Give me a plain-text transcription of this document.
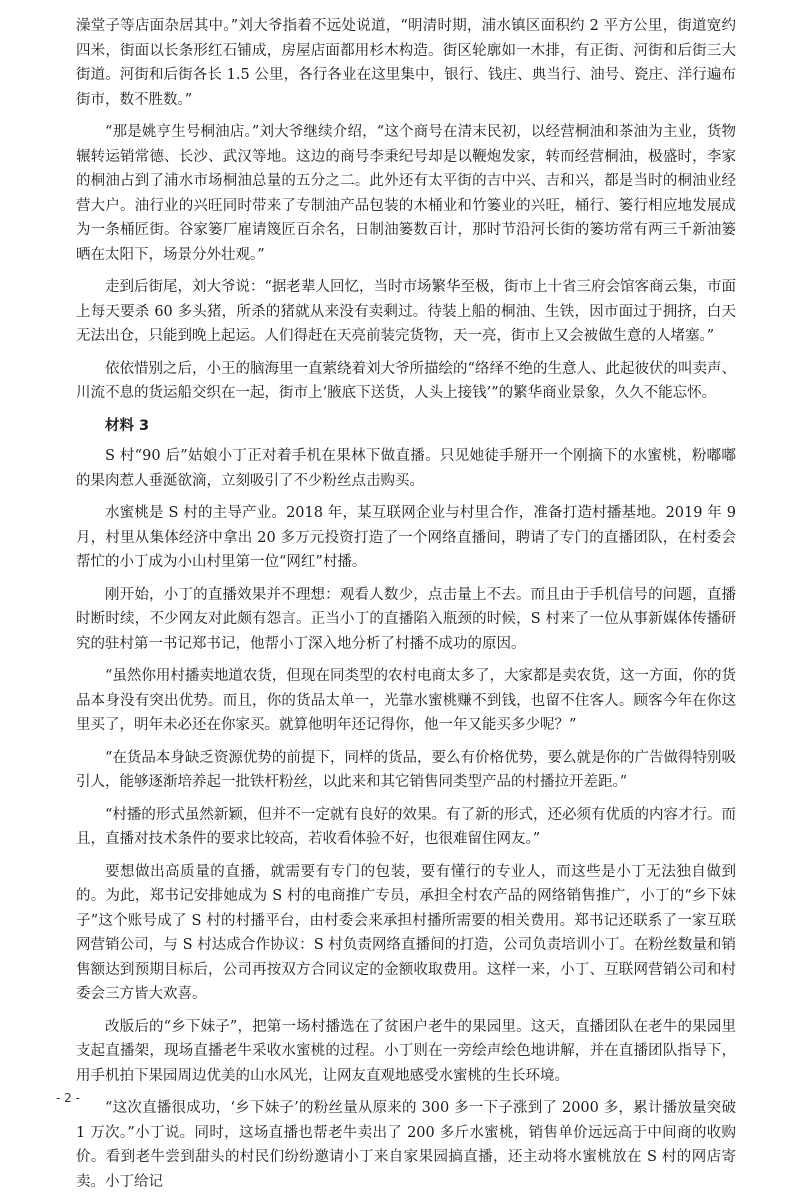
澡堂子等店面杂居其中。”刘大爷指着不远处说道，“明清时期，浦水镇区面积约 2 平方公里，街道宽约四米，街面以长条形红石铺成，房屋店面都用杉木构造。街区轮廓如一木排，有正街、河街和后街三大街道。河街和后街各长 1.5 公里，各行各业在这里集中，银行、钱庄、典当行、油号、瓷庄、洋行遍布街市，数不胜数。”

“那是姚亨生号桐油店。”刘大爷继续介绍，“这个商号在清末民初，以经营桐油和茶油为主业，货物辗转运销常德、长沙、武汉等地。这边的商号李秉纪号却是以鞭炮发家，转而经营桐油，极盛时，李家的桐油占到了浦水市场桐油总量的五分之二。此外还有太平街的吉中兴、吉和兴，都是当时的桐油业经营大户。油行业的兴旺同时带来了专制油产品包装的木桶业和竹篓业的兴旺，桶行、篓行相应地发展成为一条桶匠街。谷家篓厂雇请篾匠百余名，日制油篓数百计，那时节沿河长街的篓坊常有两三千新油篓晒在太阳下，场景分外壮观。”

走到后街尾，刘大爷说：“据老辈人回忆，当时市场繁华至极，街市上十省三府会馆客商云集，市面上每天要杀 60 多头猪，所杀的猪就从来没有卖剩过。待装上船的桐油、生铁，因市面过于拥挤，白天无法出仓，只能到晚上起运。人们得赶在天亮前装完货物，天一亮，街市上又会被做生意的人堵塞。”

依依惜别之后，小王的脑海里一直萦绕着刘大爷所描绘的“络绎不绝的生意人、此起彼伏的叫卖声、川流不息的货运船交织在一起，街市上‘腋底下送货，人头上接钱’”的繁华商业景象，久久不能忘怀。

材料 3

S 村“90 后”姑娘小丁正对着手机在果林下做直播。只见她徒手掰开一个刚摘下的水蜜桃，粉嘟嘟的果肉惹人垂涎欲滴，立刻吸引了不少粉丝点击购买。

水蜜桃是 S 村的主导产业。2018 年，某互联网企业与村里合作，准备打造村播基地。2019 年 9 月，村里从集体经济中拿出 20 多万元投资打造了一个网络直播间，聘请了专门的直播团队，在村委会帮忙的小丁成为小山村里第一位“网红”村播。

刚开始，小丁的直播效果并不理想：观看人数少，点击量上不去。而且由于手机信号的问题，直播时断时续，不少网友对此颇有怨言。正当小丁的直播陷入瓶颈的时候，S 村来了一位从事新媒体传播研究的驻村第一书记郑书记，他帮小丁深入地分析了村播不成功的原因。

“虽然你用村播卖地道农货，但现在同类型的农村电商太多了，大家都是卖农货，这一方面，你的货品本身没有突出优势。而且，你的货品太单一，光靠水蜜桃赚不到钱，也留不住客人。顾客今年在你这里买了，明年未必还在你家买。就算他明年还记得你，他一年又能买多少呢？”

“在货品本身缺乏资源优势的前提下，同样的货品，要么有价格优势，要么就是你的广告做得特别吸引人，能够逐渐培养起一批铁杆粉丝，以此来和其它销售同类型产品的村播拉开差距。”

“村播的形式虽然新颖，但并不一定就有良好的效果。有了新的形式，还必须有优质的内容才行。而且，直播对技术条件的要求比较高，若收看体验不好，也很难留住网友。”

要想做出高质量的直播，就需要有专门的包装，要有懂行的专业人，而这些是小丁无法独自做到的。为此，郑书记安排她成为 S 村的电商推广专员，承担全村农产品的网络销售推广，小丁的“乡下妹子”这个账号成了 S 村的村播平台，由村委会来承担村播所需要的相关费用。郑书记还联系了一家互联网营销公司，与 S 村达成合作协议：S 村负责网络直播间的打造，公司负责培训小丁。在粉丝数量和销售额达到预期目标后，公司再按双方合同议定的金额收取费用。这样一来，小丁、互联网营销公司和村委会三方皆大欢喜。

改版后的“乡下妹子”，把第一场村播选在了贫困户老牛的果园里。这天，直播团队在老牛的果园里支起直播架，现场直播老牛采收水蜜桃的过程。小丁则在一旁绘声绘色地讲解，并在直播团队指导下，用手机拍下果园周边优美的山水风光，让网友直观地感受水蜜桃的生长环境。

“这次直播很成功，‘乡下妹子’的粉丝量从原来的 300 多一下子涨到了 2000 多，累计播放量突破 1 万次。”小丁说。同时，这场直播也帮老牛卖出了 200 多斤水蜜桃，销售单价远远高于中间商的收购价。看到老牛尝到甜头的村民们纷纷邀请小丁来自家果园搞直播，还主动将水蜜桃放在 S 村的网店寄卖。小丁给记

- 2 -
